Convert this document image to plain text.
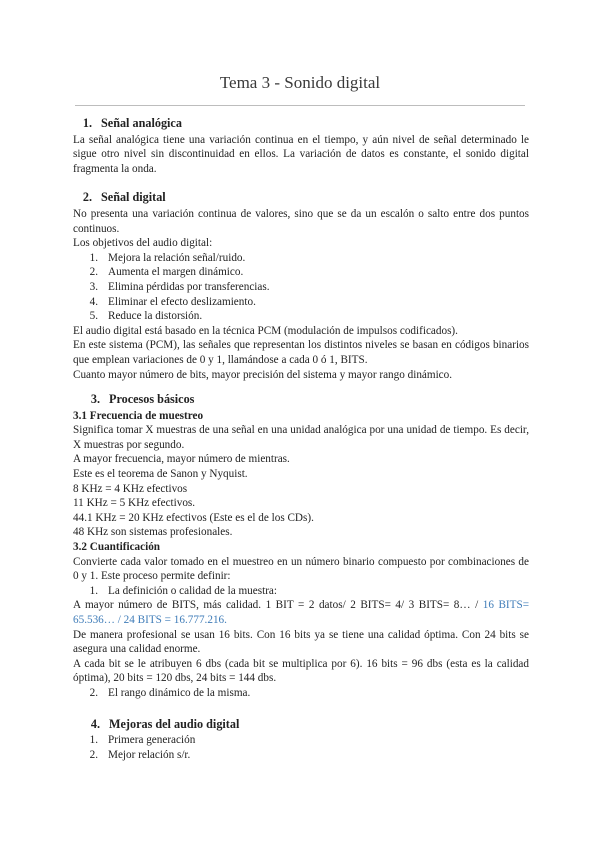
Tema 3 - Sonido digital
1. Señal analógica

La señal analógica tiene una variación continua en el tiempo, y aún nivel de señal determinado le sigue otro nivel sin discontinuidad en ellos. La variación de datos es constante, el sonido digital fragmenta la onda.

2. Señal digital

No presenta una variación continua de valores, sino que se da un escalón o salto entre dos puntos continuos.

Los objetivos del audio digital:

1. Mejora la relación señal/ruido.
2. Aumenta el margen dinámico.
3. Elimina pérdidas por transferencias.
4. Eliminar el efecto deslizamiento.
5. Reduce la distorsión.

El audio digital está basado en la técnica PCM (modulación de impulsos codificados).

En este sistema (PCM), las señales que representan los distintos niveles se basan en códigos binarios que emplean variaciones de 0 y 1, llamándose a cada 0 ó 1, BITS.

Cuanto mayor número de bits, mayor precisión del sistema y mayor rango dinámico.

3. Procesos básicos
3.1 Frecuencia de muestreo

Significa tomar X muestras de una señal en una unidad analógica por una unidad de tiempo. Es decir, X muestras por segundo.

A mayor frecuencia, mayor número de mientras.

Este es el teorema de Sanon y Nyquist.

8 KHz = 4 KHz efectivos

11 KHz = 5 KHz efectivos.

44.1 KHz = 20 KHz efectivos (Este es el de los CDs).

48 KHz son sistemas profesionales.

3.2 Cuantificación

Convierte cada valor tomado en el muestreo en un número binario compuesto por combinaciones de 0 y 1. Este proceso permite definir:

1. La definición o calidad de la muestra:

A mayor número de BITS, más calidad. 1 BIT = 2 datos/ 2 BITS= 4/ 3 BITS= 8… / 16 BITS= 65.536… / 24 BITS = 16.777.216.

De manera profesional se usan 16 bits. Con 16 bits ya se tiene una calidad óptima. Con 24 bits se asegura una calidad enorme.

A cada bit se le atribuyen 6 dbs (cada bit se multiplica por 6). 16 bits = 96 dbs (esta es la calidad óptima), 20 bits = 120 dbs, 24 bits = 144 dbs.

2. El rango dinámico de la misma.
4. Mejoras del audio digital
1. Primera generación
2. Mejor relación s/r.
